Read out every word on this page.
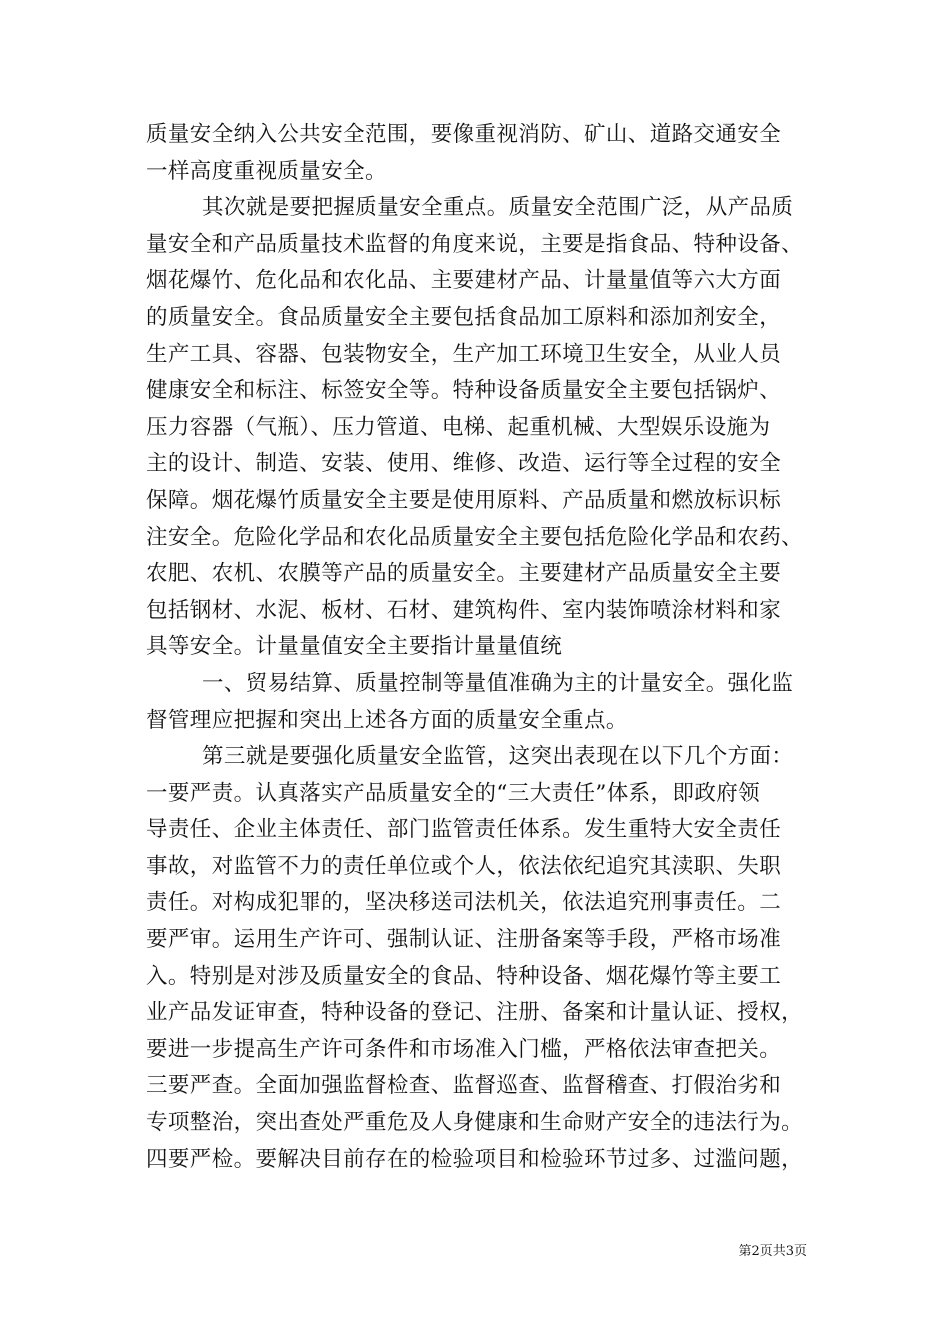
质量安全纳入公共安全范围，要像重视消防、矿山、道路交通安全
一样高度重视质量安全。
其次就是要把握质量安全重点。质量安全范围广泛，从产品质
量安全和产品质量技术监督的角度来说，主要是指食品、特种设备、
烟花爆竹、危化品和农化品、主要建材产品、计量量值等六大方面
的质量安全。食品质量安全主要包括食品加工原料和添加剂安全，
生产工具、容器、包装物安全，生产加工环境卫生安全，从业人员
健康安全和标注、标签安全等。特种设备质量安全主要包括锅炉、
压力容器（气瓶）、压力管道、电梯、起重机械、大型娱乐设施为
主的设计、制造、安装、使用、维修、改造、运行等全过程的安全
保障。烟花爆竹质量安全主要是使用原料、产品质量和燃放标识标
注安全。危险化学品和农化品质量安全主要包括危险化学品和农药、
农肥、农机、农膜等产品的质量安全。主要建材产品质量安全主要
包括钢材、水泥、板材、石材、建筑构件、室内装饰喷涂材料和家
具等安全。计量量值安全主要指计量量值统
一、贸易结算、质量控制等量值准确为主的计量安全。强化监
督管理应把握和突出上述各方面的质量安全重点。
第三就是要强化质量安全监管，这突出表现在以下几个方面：
一要严责。认真落实产品质量安全的“三大责任”体系，即政府领
导责任、企业主体责任、部门监管责任体系。发生重特大安全责任
事故，对监管不力的责任单位或个人，依法依纪追究其渎职、失职
责任。对构成犯罪的，坚决移送司法机关，依法追究刑事责任。二
要严审。运用生产许可、强制认证、注册备案等手段，严格市场准
入。特别是对涉及质量安全的食品、特种设备、烟花爆竹等主要工
业产品发证审查，特种设备的登记、注册、备案和计量认证、授权，
要进一步提高生产许可条件和市场准入门槛，严格依法审查把关。
三要严查。全面加强监督检查、监督巡查、监督稽查、打假治劣和
专项整治，突出查处严重危及人身健康和生命财产安全的违法行为。
四要严检。要解决目前存在的检验项目和检验环节过多、过滥问题，
第2页共3页
